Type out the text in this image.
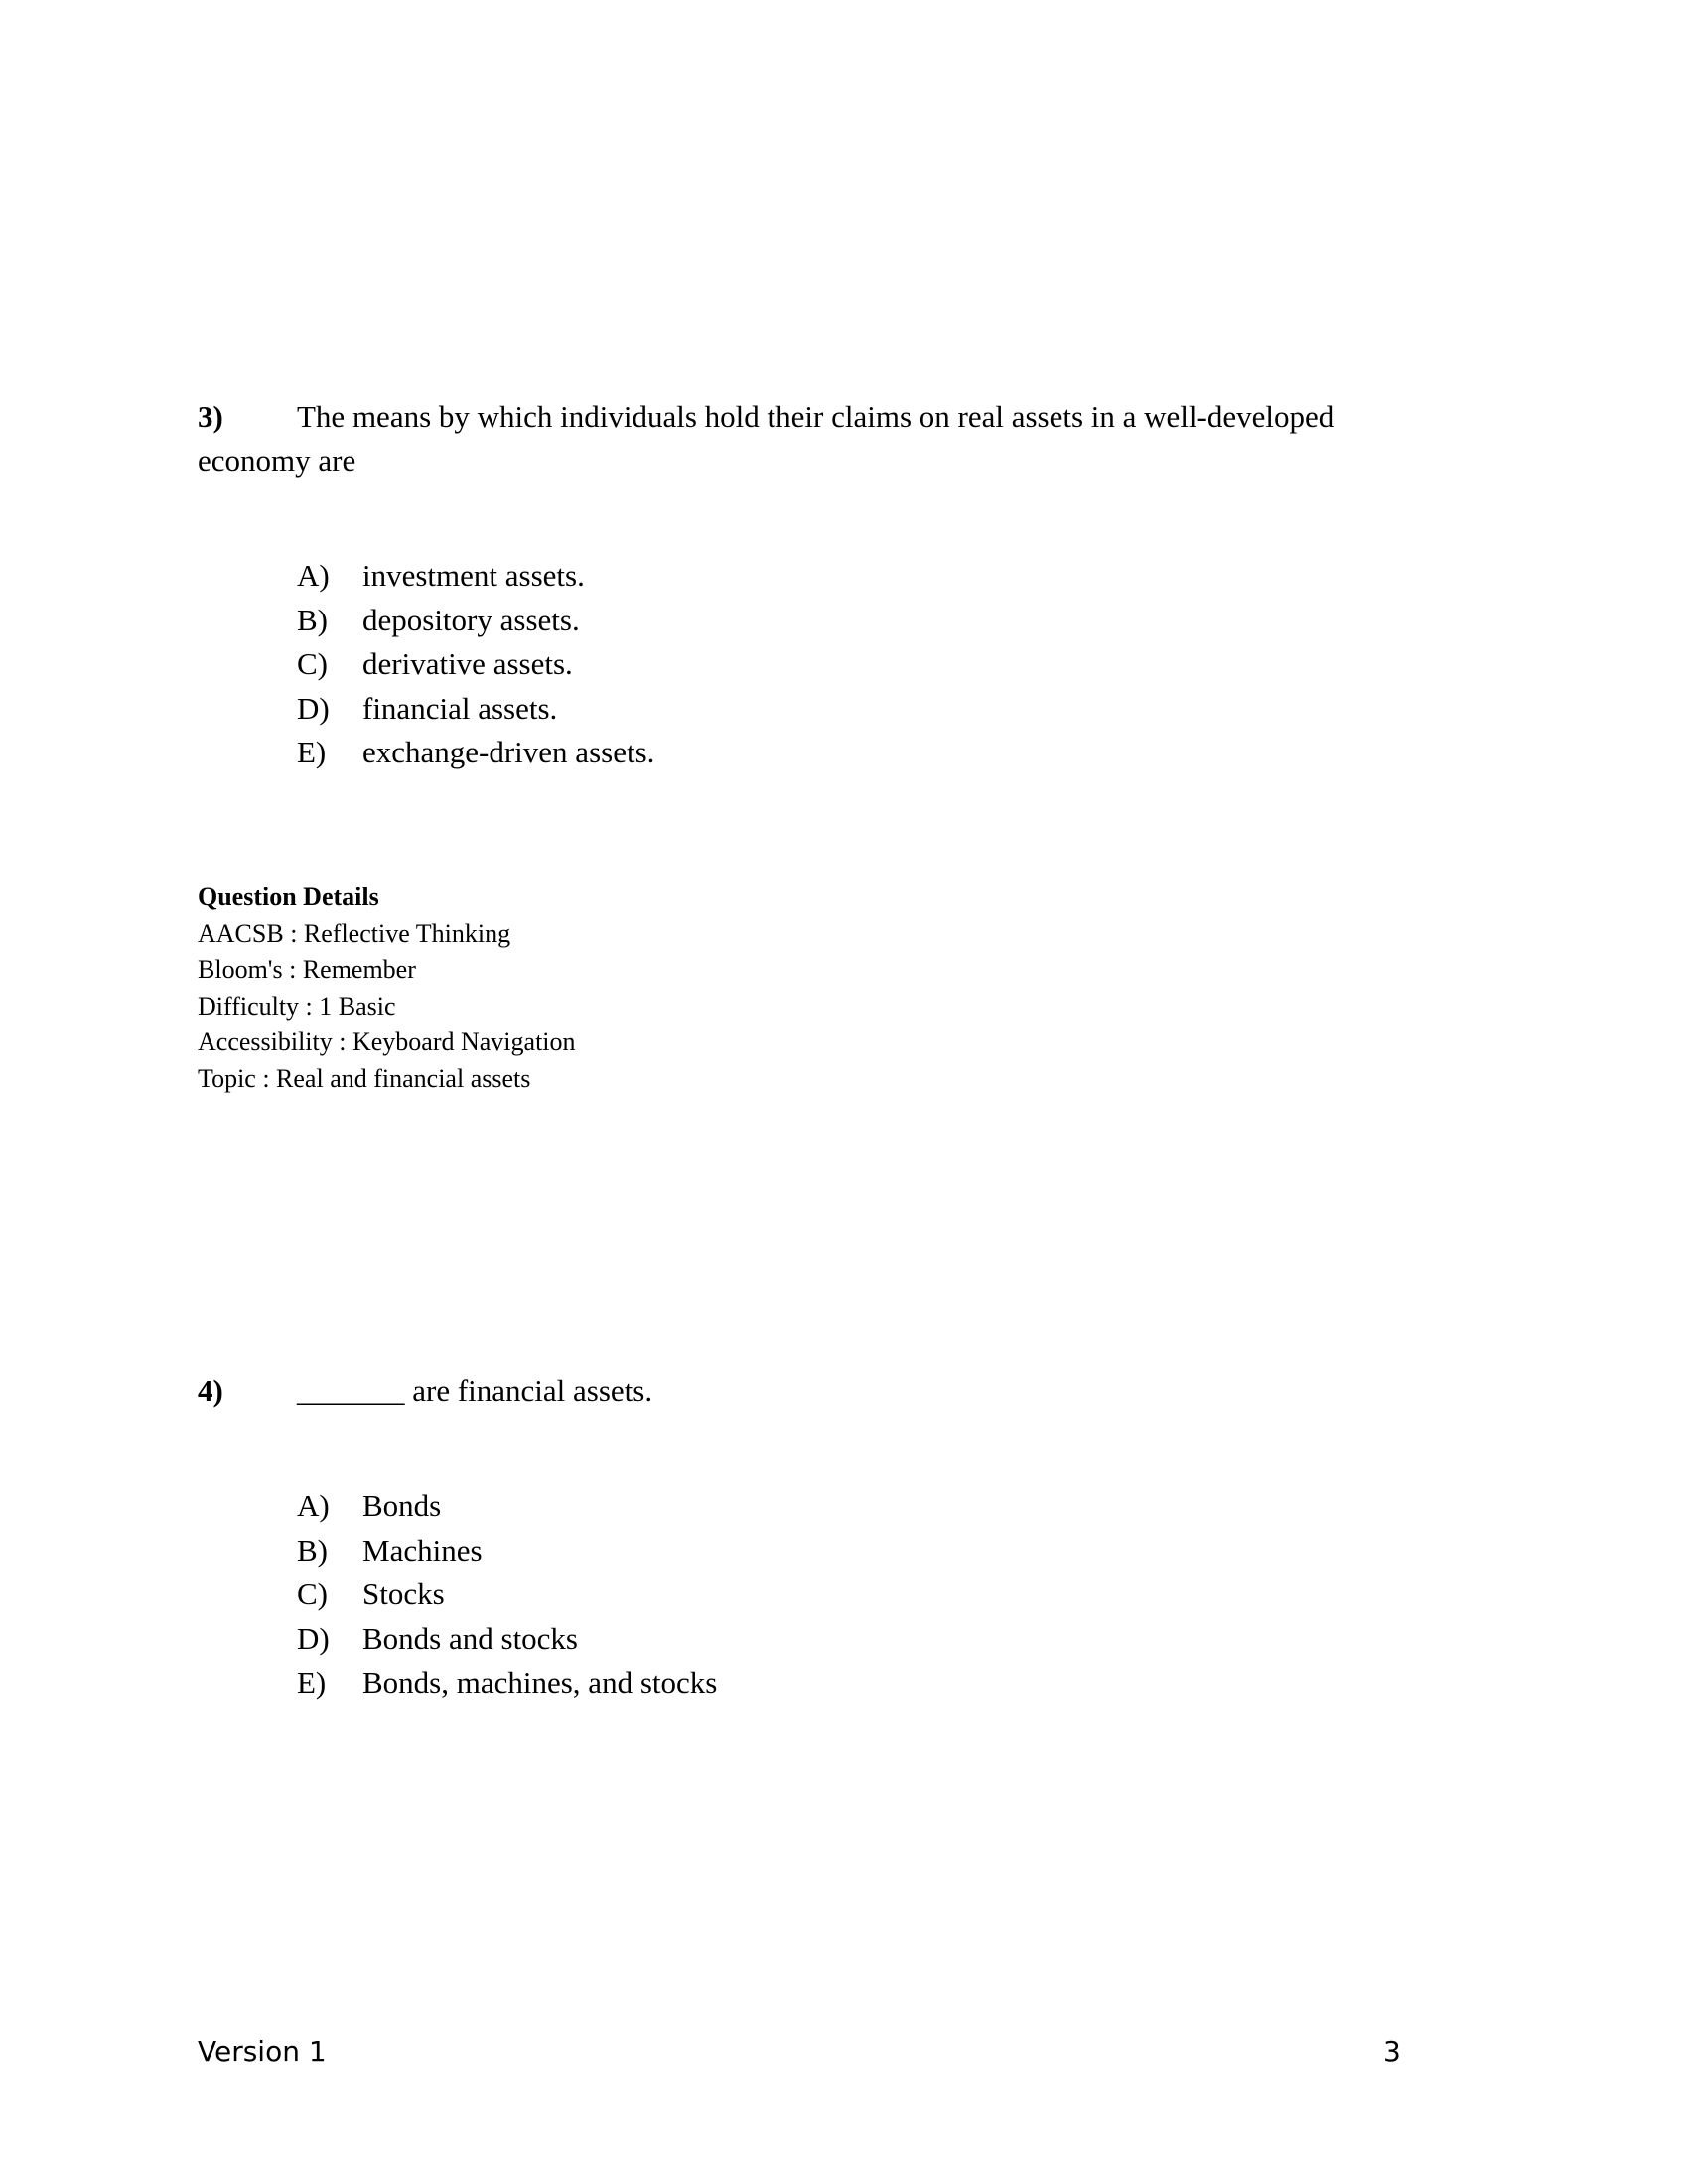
3) The means by which individuals hold their claims on real assets in a well-developed economy are
A) investment assets.
B) depository assets.
C) derivative assets.
D) financial assets.
E) exchange-driven assets.
Question Details
AACSB : Reflective Thinking
Bloom's : Remember
Difficulty : 1 Basic
Accessibility : Keyboard Navigation
Topic : Real and financial assets
4) _______ are financial assets.
A) Bonds
B) Machines
C) Stocks
D) Bonds and stocks
E) Bonds, machines, and stocks
Version 1	3
